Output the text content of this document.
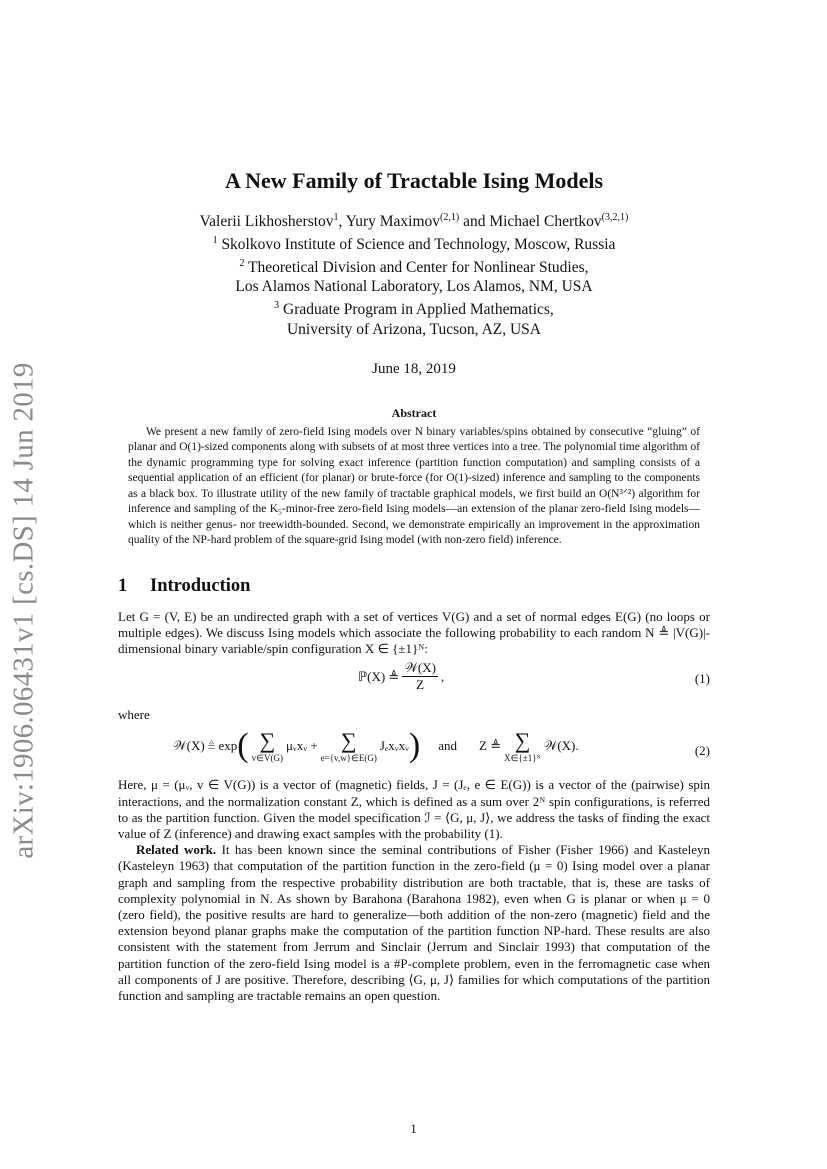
arXiv:1906.06431v1 [cs.DS] 14 Jun 2019
A New Family of Tractable Ising Models
Valerii Likhosherstov$^1$, Yury Maximov$^{(2,1)}$ and Michael Chertkov$^{(3,2,1)}$
$^1$ Skolkovo Institute of Science and Technology, Moscow, Russia
$^2$ Theoretical Division and Center for Nonlinear Studies,
Los Alamos National Laboratory, Los Alamos, NM, USA
$^3$ Graduate Program in Applied Mathematics,
University of Arizona, Tucson, AZ, USA
June 18, 2019
Abstract

We present a new family of zero-field Ising models over N binary variables/spins obtained by consecutive “gluing” of planar and O(1)-sized components along with subsets of at most three vertices into a tree. The polynomial time algorithm of the dynamic programming type for solving exact inference (partition function computation) and sampling consists of a sequential application of an efficient (for planar) or brute-force (for O(1)-sized) inference and sampling to the components as a black box. To illustrate utility of the new family of tractable graphical models, we first build an O(N³ᐟ²) algorithm for inference and sampling of the K₅-minor-free zero-field Ising models—an extension of the planar zero-field Ising models—which is neither genus- nor treewidth-bounded. Second, we demonstrate empirically an improvement in the approximation quality of the NP-hard problem of the square-grid Ising model (with non-zero field) inference.

1 Introduction

Let G = (V, E) be an undirected graph with a set of vertices V(G) and a set of normal edges E(G) (no loops or multiple edges). We discuss Ising models which associate the following probability to each random N ≜ |V(G)|-dimensional binary variable/spin configuration X ∈ {±1}ᴺ:

ℙ(X) ≜ $\frac{\text{𝒲(X)}}{Z}$ ,	(1)
where
𝒲(X) ≜ exp ( ∑
v∈V(G)
μᵥxᵥ + ∑
e={v,w}∈E(G)
Jₑxᵥxᵥ ) and Z ≜ ∑
X∈{±1}ᴺ
𝒲(X).	(2)

Here, μ = (μᵥ, v ∈ V(G)) is a vector of (magnetic) fields, J = (Jₑ, e ∈ E(G)) is a vector of the (pairwise) spin interactions, and the normalization constant Z, which is defined as a sum over 2ᴺ spin configurations, is referred to as the partition function. Given the model specification ℐ = ⟨G, μ, J⟩, we address the tasks of finding the exact value of Z (inference) and drawing exact samples with the probability (1).

Related work. It has been known since the seminal contributions of Fisher (Fisher 1966) and Kasteleyn (Kasteleyn 1963) that computation of the partition function in the zero-field (μ = 0) Ising model over a planar graph and sampling from the respective probability distribution are both tractable, that is, these are tasks of complexity polynomial in N. As shown by Barahona (Barahona 1982), even when G is planar or when μ = 0 (zero field), the positive results are hard to generalize—both addition of the non-zero (magnetic) field and the extension beyond planar graphs make the computation of the partition function NP-hard. These results are also consistent with the statement from Jerrum and Sinclair (Jerrum and Sinclair 1993) that computation of the partition function of the zero-field Ising model is a #P-complete problem, even in the ferromagnetic case when all components of J are positive. Therefore, describing ⟨G, μ, J⟩ families for which computations of the partition function and sampling are tractable remains an open question.

1
